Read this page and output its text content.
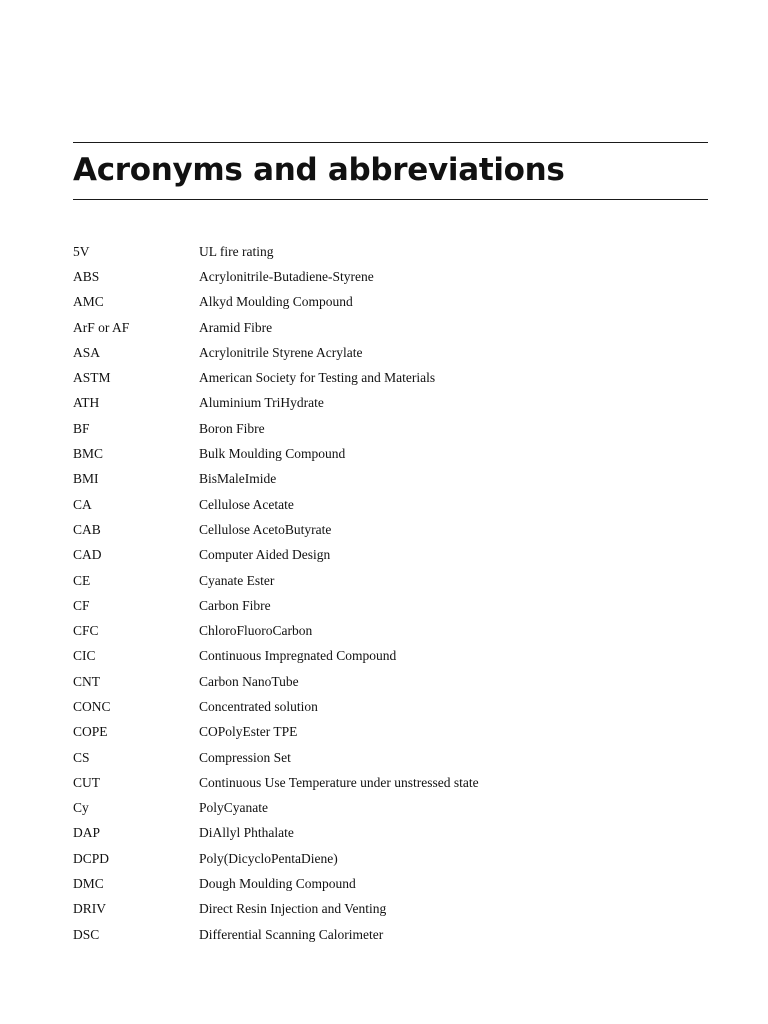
Acronyms and abbreviations
5V	UL fire rating
ABS	Acrylonitrile-Butadiene-Styrene
AMC	Alkyd Moulding Compound
ArF or AF	Aramid Fibre
ASA	Acrylonitrile Styrene Acrylate
ASTM	American Society for Testing and Materials
ATH	Aluminium TriHydrate
BF	Boron Fibre
BMC	Bulk Moulding Compound
BMI	BisMaleImide
CA	Cellulose Acetate
CAB	Cellulose AcetoButyrate
CAD	Computer Aided Design
CE	Cyanate Ester
CF	Carbon Fibre
CFC	ChloroFluoroCarbon
CIC	Continuous Impregnated Compound
CNT	Carbon NanoTube
CONC	Concentrated solution
COPE	COPolyEster TPE
CS	Compression Set
CUT	Continuous Use Temperature under unstressed state
Cy	PolyCyanate
DAP	DiAllyl Phthalate
DCPD	Poly(DicycloPentaDiene)
DMC	Dough Moulding Compound
DRIV	Direct Resin Injection and Venting
DSC	Differential Scanning Calorimeter
